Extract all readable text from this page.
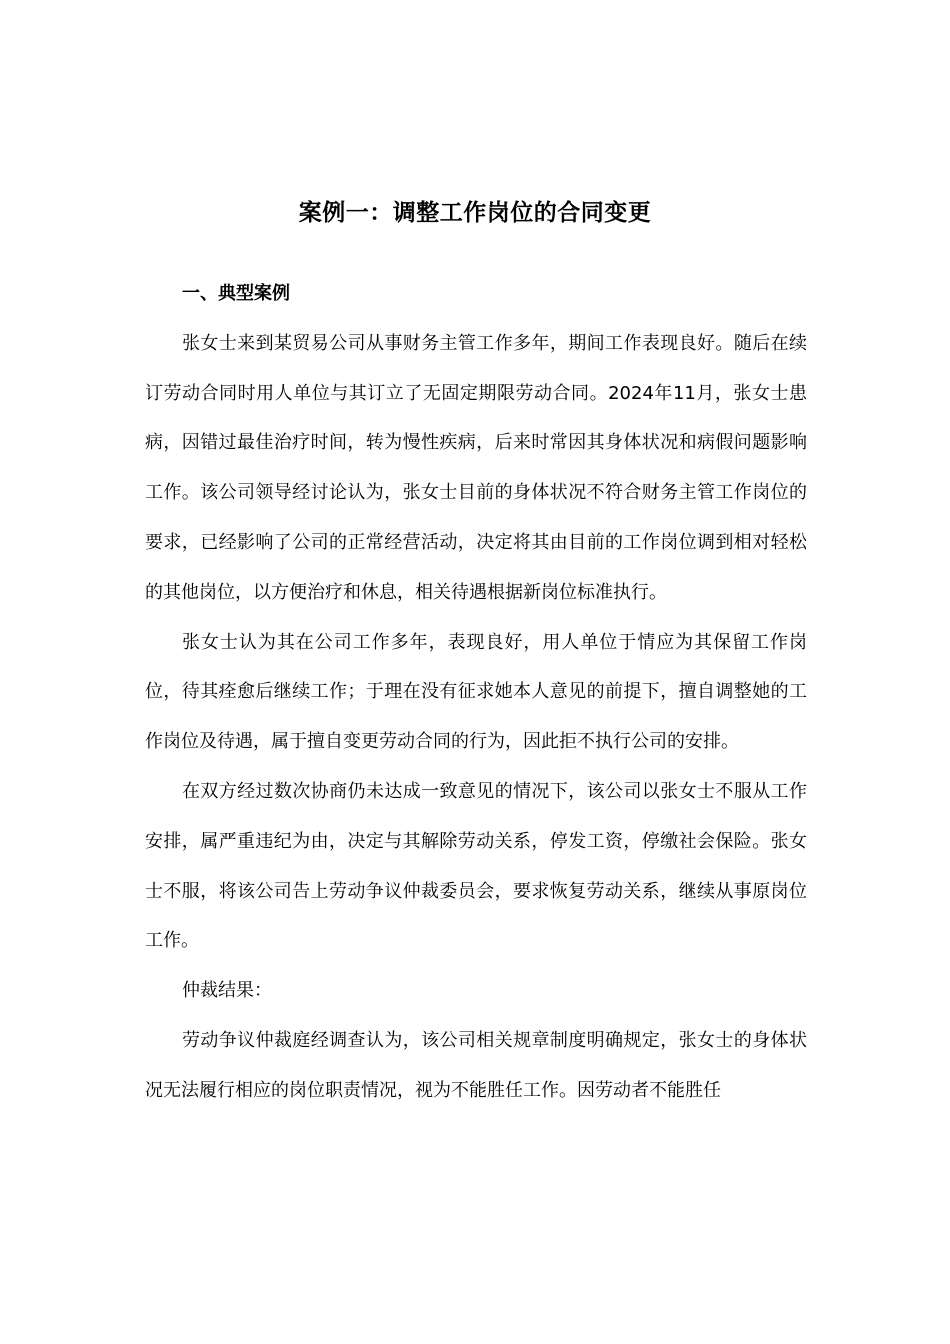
案例一：调整工作岗位的合同变更

一、典型案例

张女士来到某贸易公司从事财务主管工作多年，期间工作表现良好。随后在续订劳动合同时用人单位与其订立了无固定期限劳动合同。2024年11月，张女士患病，因错过最佳治疗时间，转为慢性疾病，后来时常因其身体状况和病假问题影响工作。该公司领导经讨论认为，张女士目前的身体状况不符合财务主管工作岗位的要求，已经影响了公司的正常经营活动，决定将其由目前的工作岗位调到相对轻松的其他岗位，以方便治疗和休息，相关待遇根据新岗位标准执行。

张女士认为其在公司工作多年，表现良好，用人单位于情应为其保留工作岗位，待其痊愈后继续工作；于理在没有征求她本人意见的前提下，擅自调整她的工作岗位及待遇，属于擅自变更劳动合同的行为，因此拒不执行公司的安排。

在双方经过数次协商仍未达成一致意见的情况下，该公司以张女士不服从工作安排，属严重违纪为由，决定与其解除劳动关系，停发工资，停缴社会保险。张女士不服，将该公司告上劳动争议仲裁委员会，要求恢复劳动关系，继续从事原岗位工作。

仲裁结果：

劳动争议仲裁庭经调查认为，该公司相关规章制度明确规定，张女士的身体状况无法履行相应的岗位职责情况，视为不能胜任工作。因劳动者不能胜任
